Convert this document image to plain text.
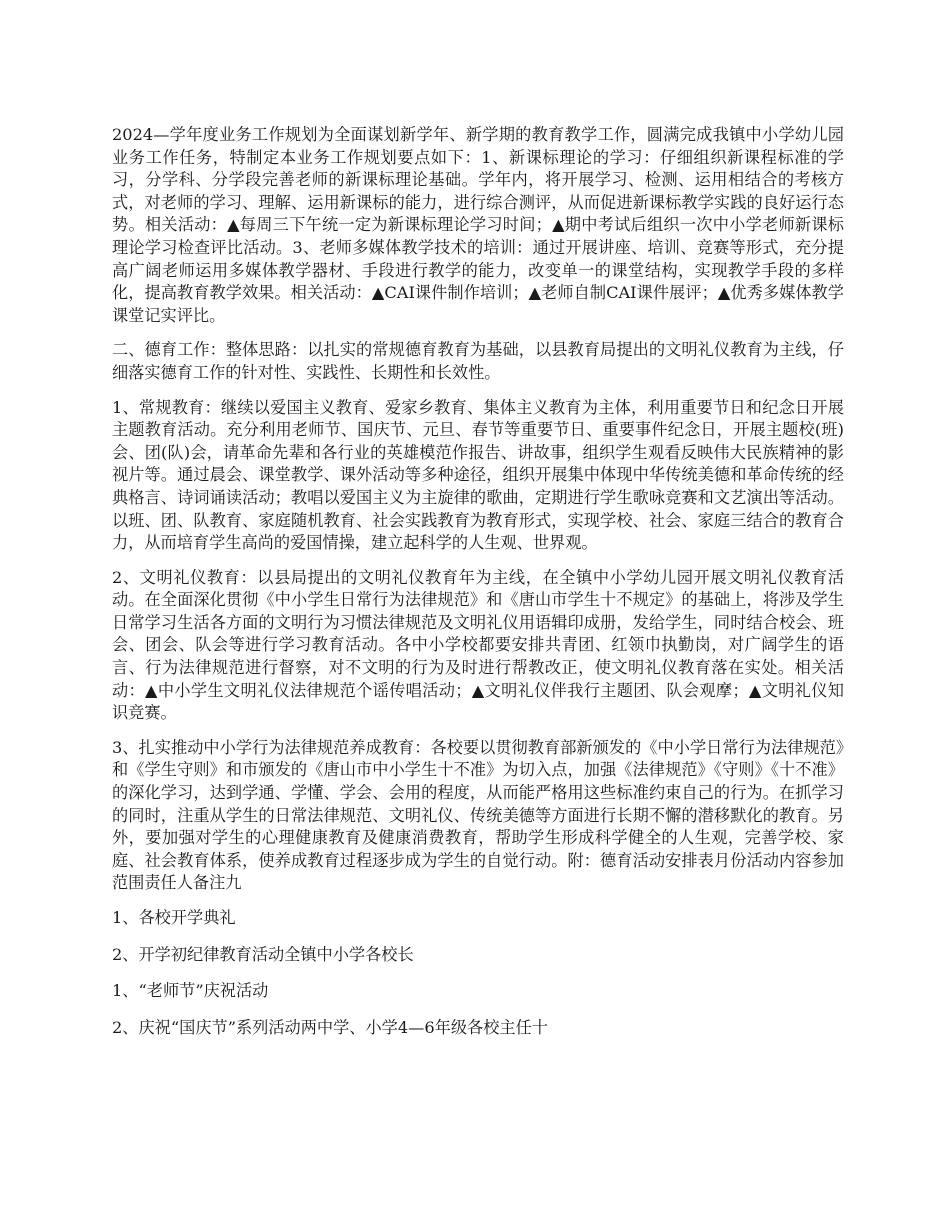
2024—学年度业务工作规划为全面谋划新学年、新学期的教育教学工作，圆满完成我镇中小学幼儿园业务工作任务，特制定本业务工作规划要点如下：1、新课标理论的学习：仔细组织新课程标准的学习，分学科、分学段完善老师的新课标理论基础。学年内，将开展学习、检测、运用相结合的考核方式，对老师的学习、理解、运用新课标的能力，进行综合测评，从而促进新课标教学实践的良好运行态势。相关活动：▲每周三下午统一定为新课标理论学习时间；▲期中考试后组织一次中小学老师新课标理论学习检查评比活动。3、老师多媒体教学技术的培训：通过开展讲座、培训、竞赛等形式，充分提高广阔老师运用多媒体教学器材、手段进行教学的能力，改变单一的课堂结构，实现教学手段的多样化，提高教育教学效果。相关活动：▲CAI课件制作培训；▲老师自制CAI课件展评；▲优秀多媒体教学课堂记实评比。

二、德育工作：整体思路：以扎实的常规德育教育为基础，以县教育局提出的文明礼仪教育为主线，仔细落实德育工作的针对性、实践性、长期性和长效性。

1、常规教育：继续以爱国主义教育、爱家乡教育、集体主义教育为主体，利用重要节日和纪念日开展主题教育活动。充分利用老师节、国庆节、元旦、春节等重要节日、重要事件纪念日，开展主题校(班)会、团(队)会，请革命先辈和各行业的英雄模范作报告、讲故事，组织学生观看反映伟大民族精神的影视片等。通过晨会、课堂教学、课外活动等多种途径，组织开展集中体现中华传统美德和革命传统的经典格言、诗词诵读活动；教唱以爱国主义为主旋律的歌曲，定期进行学生歌咏竞赛和文艺演出等活动。以班、团、队教育、家庭随机教育、社会实践教育为教育形式，实现学校、社会、家庭三结合的教育合力，从而培育学生高尚的爱国情操，建立起科学的人生观、世界观。

2、文明礼仪教育：以县局提出的文明礼仪教育年为主线，在全镇中小学幼儿园开展文明礼仪教育活动。在全面深化贯彻《中小学生日常行为法律规范》和《唐山市学生十不规定》的基础上，将涉及学生日常学习生活各方面的文明行为习惯法律规范及文明礼仪用语辑印成册，发给学生，同时结合校会、班会、团会、队会等进行学习教育活动。各中小学校都要安排共青团、红领巾执勤岗，对广阔学生的语言、行为法律规范进行督察，对不文明的行为及时进行帮教改正，使文明礼仪教育落在实处。相关活动：▲中小学生文明礼仪法律规范个谣传唱活动；▲文明礼仪伴我行主题团、队会观摩；▲文明礼仪知识竞赛。

3、扎实推动中小学行为法律规范养成教育：各校要以贯彻教育部新颁发的《中小学日常行为法律规范》和《学生守则》和市颁发的《唐山市中小学生十不准》为切入点，加强《法律规范》《守则》《十不准》的深化学习，达到学通、学懂、学会、会用的程度，从而能严格用这些标准约束自己的行为。在抓学习的同时，注重从学生的日常法律规范、文明礼仪、传统美德等方面进行长期不懈的潜移默化的教育。另外，要加强对学生的心理健康教育及健康消费教育，帮助学生形成科学健全的人生观，完善学校、家庭、社会教育体系，使养成教育过程逐步成为学生的自觉行动。附：德育活动安排表月份活动内容参加范围责任人备注九

1、各校开学典礼

2、开学初纪律教育活动全镇中小学各校长

1、“老师节”庆祝活动

2、庆祝“国庆节”系列活动两中学、小学4—6年级各校主任十
